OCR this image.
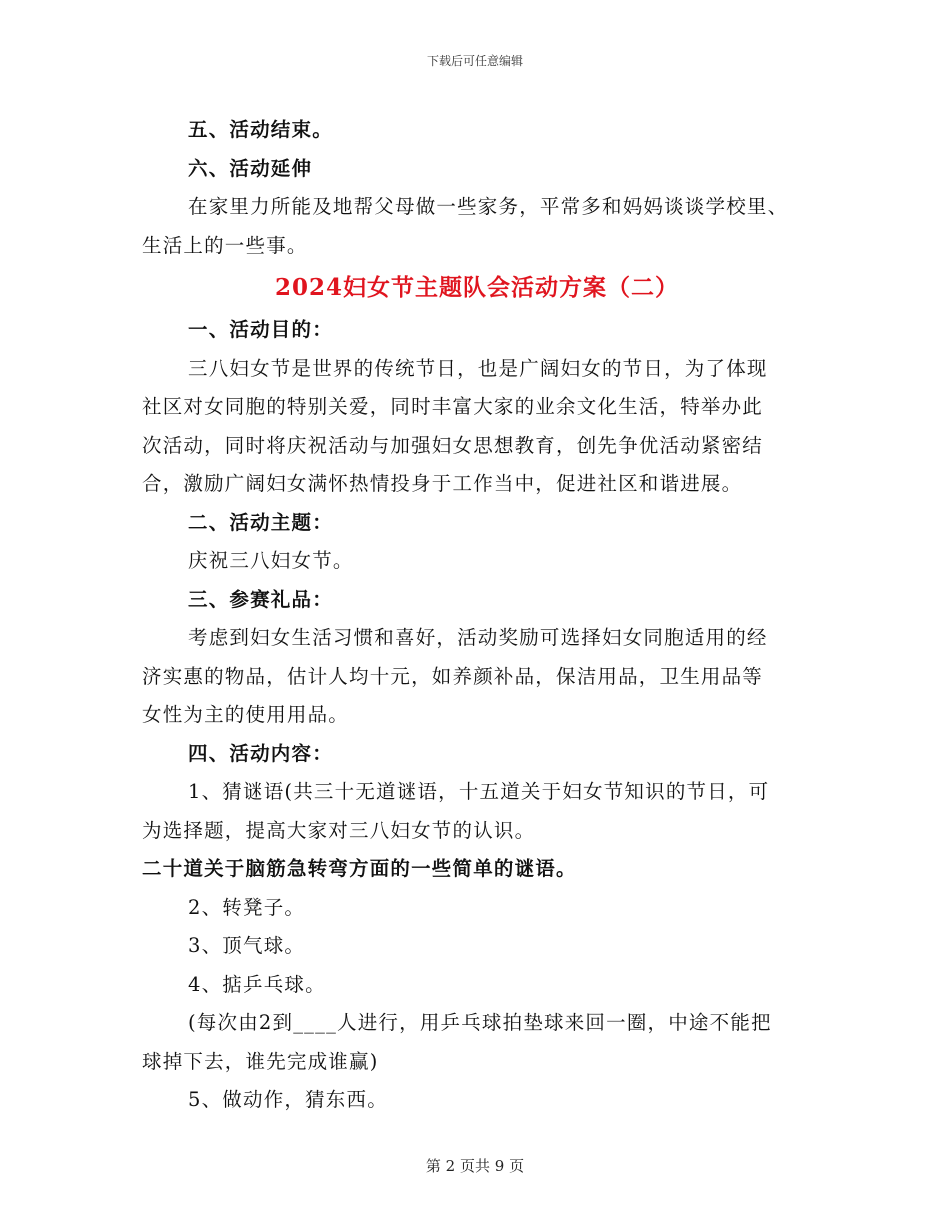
下载后可任意编辑
五、活动结束。
六、活动延伸
在家里力所能及地帮父母做一些家务，平常多和妈妈谈谈学校里、
生活上的一些事。
2024妇女节主题队会活动方案（二）
一、活动目的：
三八妇女节是世界的传统节日，也是广阔妇女的节日，为了体现
社区对女同胞的特别关爱，同时丰富大家的业余文化生活，特举办此
次活动，同时将庆祝活动与加强妇女思想教育，创先争优活动紧密结
合，激励广阔妇女满怀热情投身于工作当中，促进社区和谐进展。
二、活动主题：
庆祝三八妇女节。
三、参赛礼品：
考虑到妇女生活习惯和喜好，活动奖励可选择妇女同胞适用的经
济实惠的物品，估计人均十元，如养颜补品，保洁用品，卫生用品等
女性为主的使用用品。
四、活动内容：
1、猜谜语(共三十无道谜语，十五道关于妇女节知识的节日，可
为选择题，提高大家对三八妇女节的认识。
二十道关于脑筋急转弯方面的一些简单的谜语。
2、转凳子。
3、顶气球。
4、掂乒乓球。
(每次由2到____人进行，用乒乓球拍垫球来回一圈，中途不能把
球掉下去，谁先完成谁赢)
5、做动作，猜东西。
第 2 页共 9 页
